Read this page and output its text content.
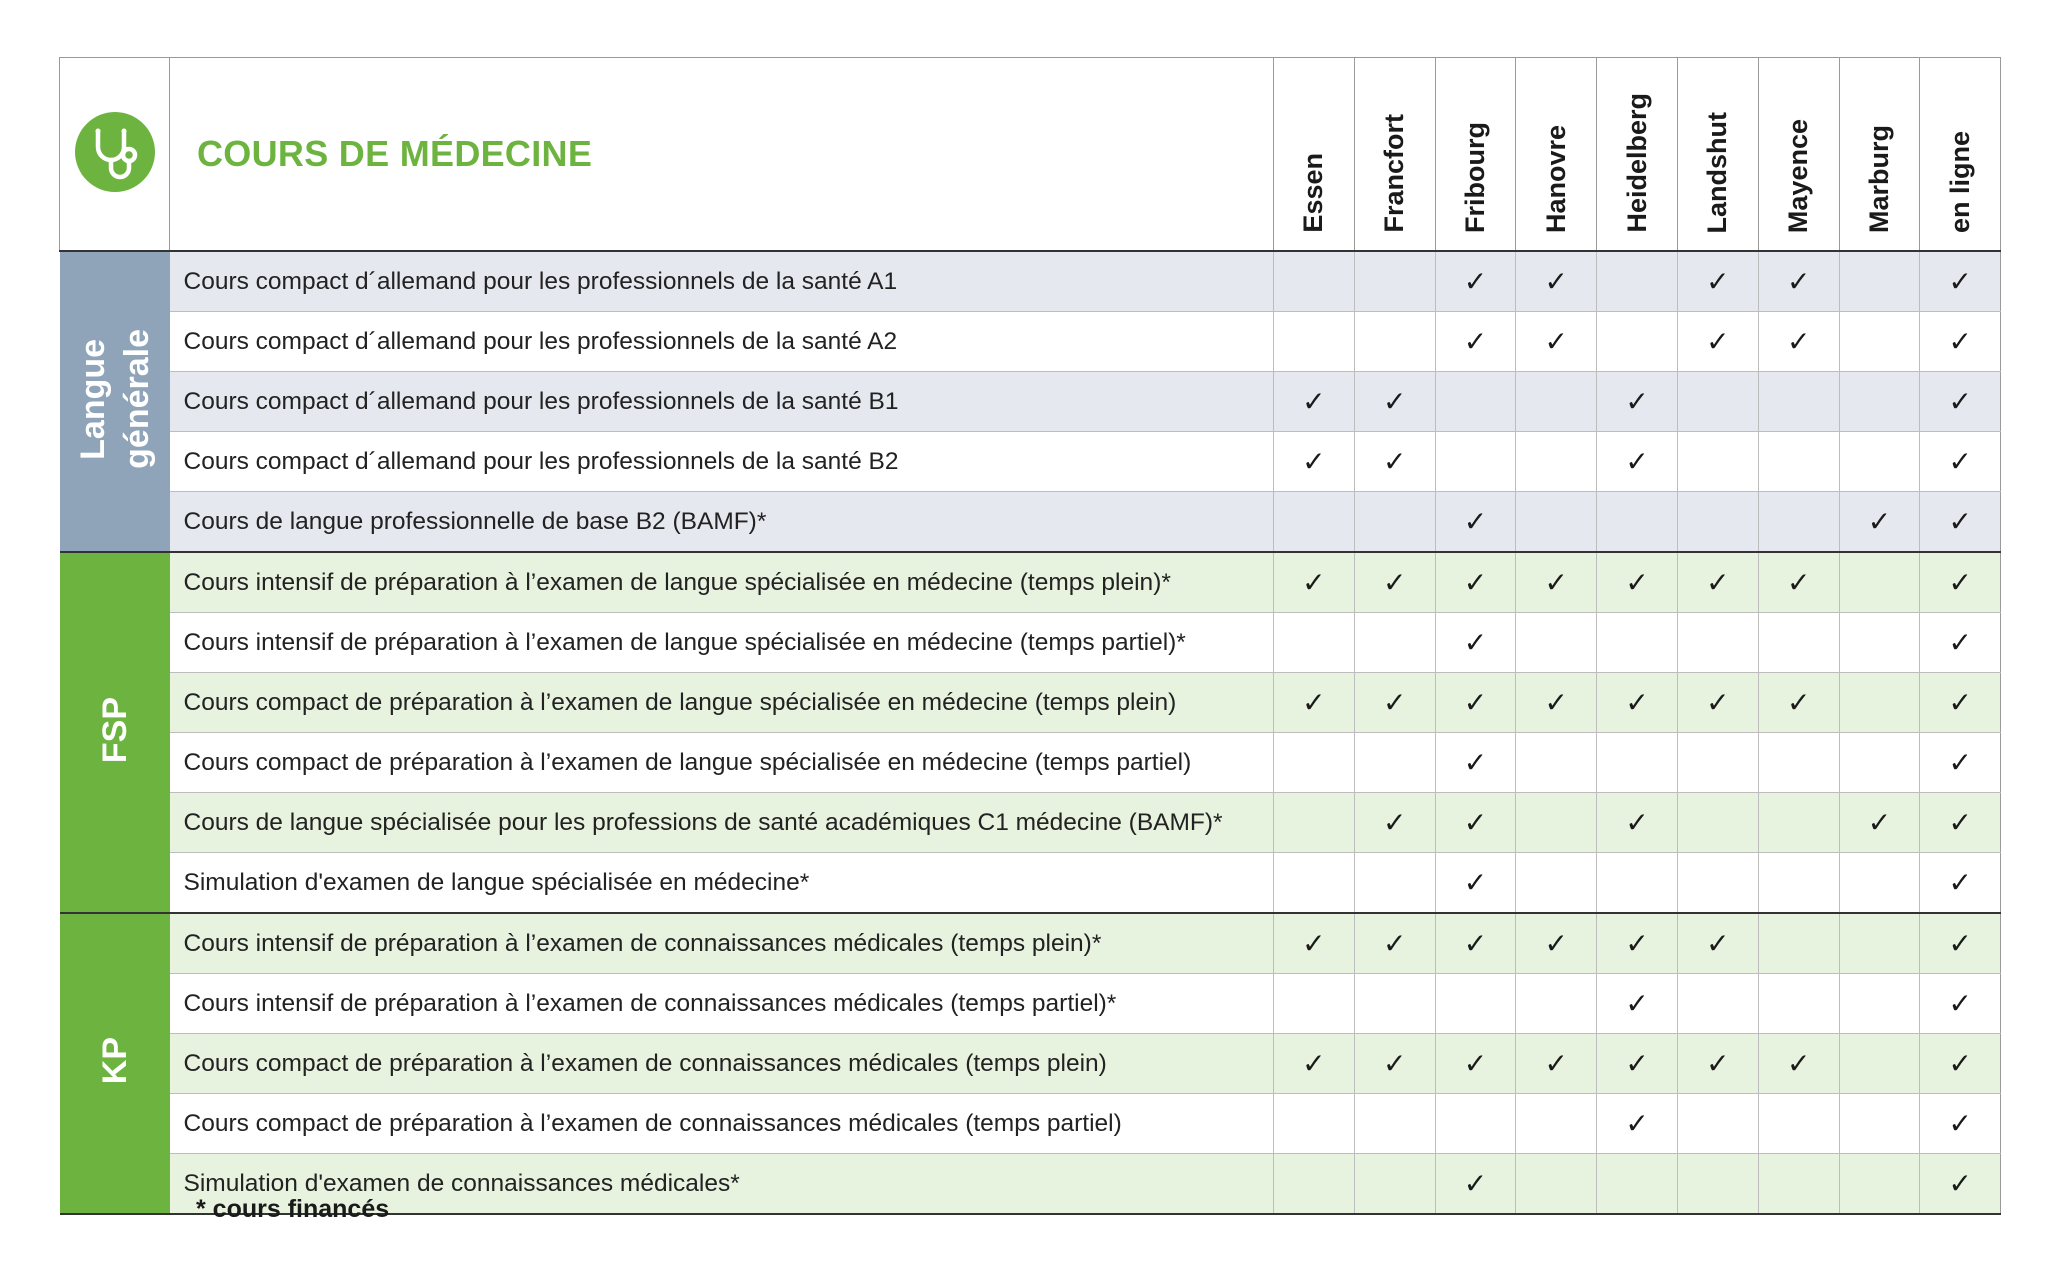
	COURS DE MÉDECINE	Essen	Francfort	Fribourg	Hanovre	Heidelberg	Landshut	Mayence	Marburg	en ligne

Langue générale	Cours compact d´allemand pour les professionnels de la santé A1			✓	✓		✓	✓		✓
	Cours compact d´allemand pour les professionnels de la santé A2			✓	✓		✓	✓		✓
	Cours compact d´allemand pour les professionnels de la santé B1	✓	✓			✓				✓
	Cours compact d´allemand pour les professionnels de la santé B2	✓	✓			✓				✓
	Cours de langue professionnelle de base B2 (BAMF)*			✓					✓	✓

FSP	Cours intensif de préparation à l’examen de langue spécialisée en médecine (temps plein)*	✓	✓	✓	✓	✓	✓	✓		✓
	Cours intensif de préparation à l’examen de langue spécialisée en médecine (temps partiel)*			✓						✓
	Cours compact de préparation à l’examen de langue spécialisée en médecine (temps plein)	✓	✓	✓	✓	✓	✓	✓		✓
	Cours compact de préparation à l’examen de langue spécialisée en médecine (temps partiel)			✓						✓
	Cours de langue spécialisée pour les professions de santé académiques C1 médecine (BAMF)*		✓	✓		✓			✓	✓
	Simulation d'examen de langue spécialisée en médecine*			✓						✓

KP	Cours intensif de préparation à l’examen de connaissances médicales (temps plein)*	✓	✓	✓	✓	✓	✓			✓
	Cours intensif de préparation à l’examen de connaissances médicales (temps partiel)*					✓				✓
	Cours compact de préparation à l’examen de connaissances médicales (temps plein)	✓	✓	✓	✓	✓	✓	✓		✓
	Cours compact de préparation à l’examen de connaissances médicales (temps partiel)					✓				✓
	Simulation d'examen de connaissances médicales*			✓						✓
* cours financés
